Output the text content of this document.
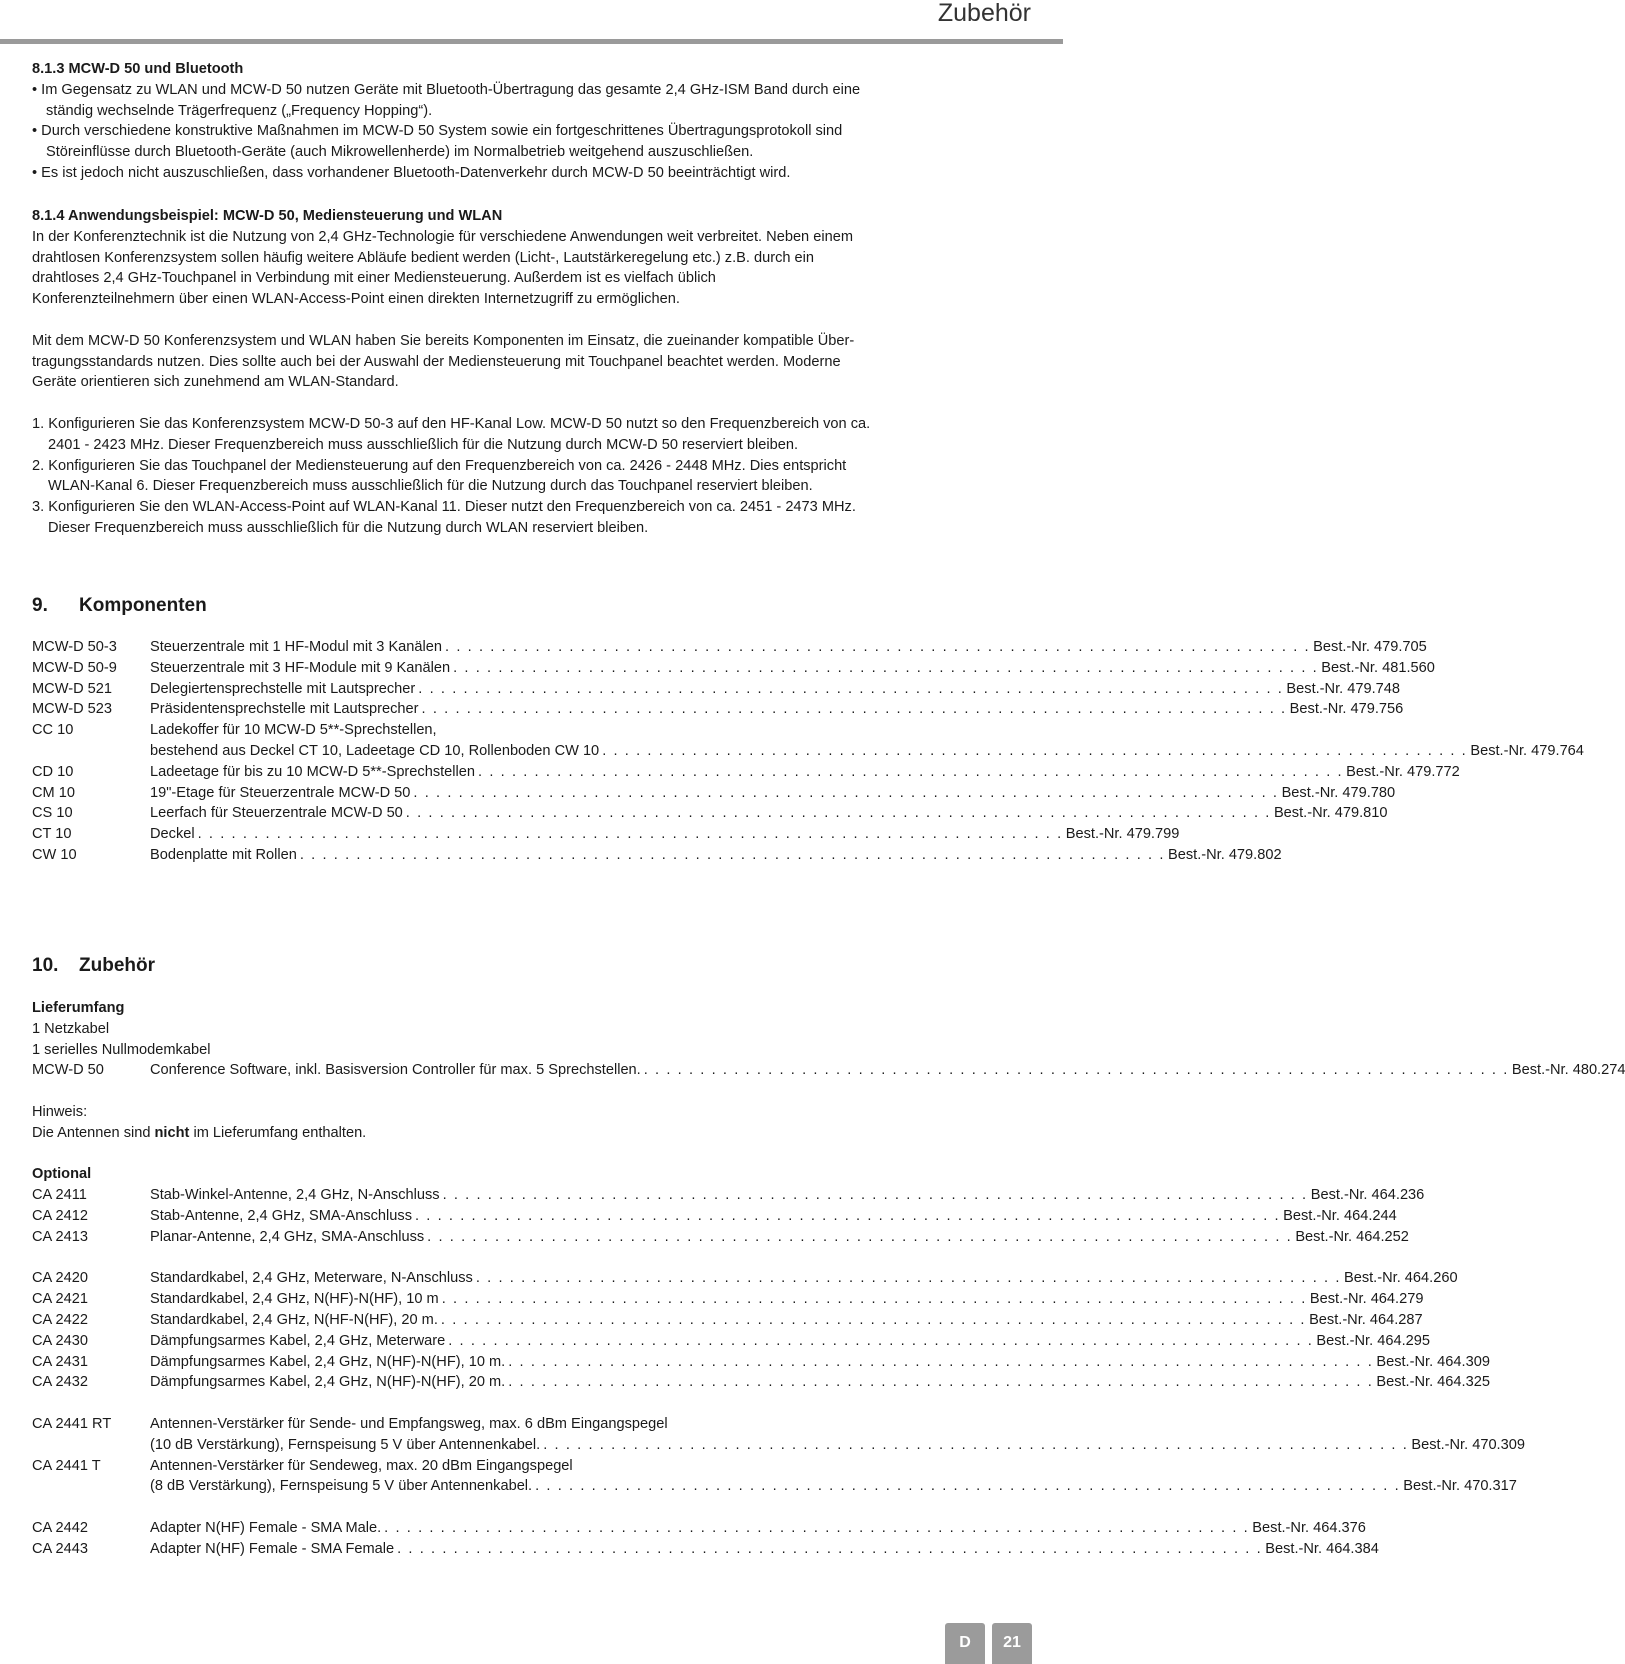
Zubehör
8.1.3 MCW-D 50 und Bluetooth
• Im Gegensatz zu WLAN und MCW-D 50 nutzen Geräte mit Bluetooth-Übertragung das gesamte 2,4 GHz-ISM Band durch eine
ständig wechselnde Trägerfrequenz („Frequency Hopping“).
• Durch verschiedene konstruktive Maßnahmen im MCW-D 50 System sowie ein fortgeschrittenes Übertragungsprotokoll sind
Störeinflüsse durch Bluetooth-Geräte (auch Mikrowellenherde) im Normalbetrieb weitgehend auszuschließen.
• Es ist jedoch nicht auszuschließen, dass vorhandener Bluetooth-Datenverkehr durch MCW-D 50 beeinträchtigt wird.
8.1.4 Anwendungsbeispiel: MCW-D 50, Mediensteuerung und WLAN
In der Konferenztechnik ist die Nutzung von 2,4 GHz-Technologie für verschiedene Anwendungen weit verbreitet. Neben einem
drahtlosen Konferenzsystem sollen häufig weitere Abläufe bedient werden (Licht-, Lautstärkeregelung etc.) z.B. durch ein
drahtloses 2,4 GHz-Touchpanel in Verbindung mit einer Mediensteuerung. Außerdem ist es vielfach üblich
Konferenzteilnehmern über einen WLAN-Access-Point einen direkten Internetzugriff zu ermöglichen.
Mit dem MCW-D 50 Konferenzsystem und WLAN haben Sie bereits Komponenten im Einsatz, die zueinander kompatible Über-
tragungsstandards nutzen. Dies sollte auch bei der Auswahl der Mediensteuerung mit Touchpanel beachtet werden. Moderne
Geräte orientieren sich zunehmend am WLAN-Standard.
1. Konfigurieren Sie das Konferenzsystem MCW-D 50-3 auf den HF-Kanal Low. MCW-D 50 nutzt so den Frequenzbereich von ca.
2401 - 2423 MHz. Dieser Frequenzbereich muss ausschließlich für die Nutzung durch MCW-D 50 reserviert bleiben.
2. Konfigurieren Sie das Touchpanel der Mediensteuerung auf den Frequenzbereich von ca. 2426 - 2448 MHz. Dies entspricht
WLAN-Kanal 6. Dieser Frequenzbereich muss ausschließlich für die Nutzung durch das Touchpanel reserviert bleiben.
3. Konfigurieren Sie den WLAN-Access-Point auf WLAN-Kanal 11. Dieser nutzt den Frequenzbereich von ca. 2451 - 2473 MHz.
Dieser Frequenzbereich muss ausschließlich für die Nutzung durch WLAN reserviert bleiben.
9. Komponenten
MCW-D 50-3	Steuerzentrale mit 1 HF-Modul mit 3 Kanälen . . . . . . . . . . . . . . . . . . . . . . . . . . . . . . . . . . . . . . . . . . . . . . . . . . . . . . . . . . . . . . . . . . . . . . . . . . . . . Best.-Nr. 479.705
MCW-D 50-9	Steuerzentrale mit 3 HF-Module mit 9 Kanälen . . . . . . . . . . . . . . . . . . . . . . . . . . . . . . . . . . . . . . . . . . . . . . . . . . . . . . . . . . . . . . . . . . . . . . . . . . . . . Best.-Nr. 481.560
MCW-D 521	Delegiertensprechstelle mit Lautsprecher . . . . . . . . . . . . . . . . . . . . . . . . . . . . . . . . . . . . . . . . . . . . . . . . . . . . . . . . . . . . . . . . . . . . . . . . . . . . . Best.-Nr. 479.748
MCW-D 523	Präsidentensprechstelle mit Lautsprecher . . . . . . . . . . . . . . . . . . . . . . . . . . . . . . . . . . . . . . . . . . . . . . . . . . . . . . . . . . . . . . . . . . . . . . . . . . . . . Best.-Nr. 479.756
CC 10	Ladekoffer für 10 MCW-D 5**-Sprechstellen,
bestehend aus Deckel CT 10, Ladeetage CD 10, Rollenboden CW 10 . . . . . . . . . . . . . . . . . . . . . . . . . . . . . . . . . . . . . . . . . . . . . . . . . . . . . . . . . . . . . . . . . . . . . . . . . . . . . Best.-Nr. 479.764
CD 10	Ladeetage für bis zu 10 MCW-D 5**-Sprechstellen . . . . . . . . . . . . . . . . . . . . . . . . . . . . . . . . . . . . . . . . . . . . . . . . . . . . . . . . . . . . . . . . . . . . . . . . . . . . . Best.-Nr. 479.772
CM 10	19"-Etage für Steuerzentrale MCW-D 50 . . . . . . . . . . . . . . . . . . . . . . . . . . . . . . . . . . . . . . . . . . . . . . . . . . . . . . . . . . . . . . . . . . . . . . . . . . . . . Best.-Nr. 479.780
CS 10	Leerfach für Steuerzentrale MCW-D 50 . . . . . . . . . . . . . . . . . . . . . . . . . . . . . . . . . . . . . . . . . . . . . . . . . . . . . . . . . . . . . . . . . . . . . . . . . . . . . Best.-Nr. 479.810
CT 10	Deckel . . . . . . . . . . . . . . . . . . . . . . . . . . . . . . . . . . . . . . . . . . . . . . . . . . . . . . . . . . . . . . . . . . . . . . . . . . . . . Best.-Nr. 479.799
CW 10	Bodenplatte mit Rollen . . . . . . . . . . . . . . . . . . . . . . . . . . . . . . . . . . . . . . . . . . . . . . . . . . . . . . . . . . . . . . . . . . . . . . . . . . . . . Best.-Nr. 479.802
10. Zubehör
Lieferumfang
1 Netzkabel
1 serielles Nullmodemkabel
MCW-D 50	Conference Software, inkl. Basisversion Controller für max. 5 Sprechstellen. . . . . . . . . . . . . . . . . . . . . . . . . . . . . . . . . . . . . . . . . . . . . . . . . . . . . . . . . . . . . . . . . . . . . . . . . . . . . . Best.-Nr. 480.274
Hinweis:
Die Antennen sind nicht im Lieferumfang enthalten.
Optional
CA 2411	Stab-Winkel-Antenne, 2,4 GHz, N-Anschluss . . . . . . . . . . . . . . . . . . . . . . . . . . . . . . . . . . . . . . . . . . . . . . . . . . . . . . . . . . . . . . . . . . . . . . . . . . . . . Best.-Nr. 464.236
CA 2412	Stab-Antenne, 2,4 GHz, SMA-Anschluss . . . . . . . . . . . . . . . . . . . . . . . . . . . . . . . . . . . . . . . . . . . . . . . . . . . . . . . . . . . . . . . . . . . . . . . . . . . . . Best.-Nr. 464.244
CA 2413	Planar-Antenne, 2,4 GHz, SMA-Anschluss . . . . . . . . . . . . . . . . . . . . . . . . . . . . . . . . . . . . . . . . . . . . . . . . . . . . . . . . . . . . . . . . . . . . . . . . . . . . . Best.-Nr. 464.252
CA 2420	Standardkabel, 2,4 GHz, Meterware, N-Anschluss . . . . . . . . . . . . . . . . . . . . . . . . . . . . . . . . . . . . . . . . . . . . . . . . . . . . . . . . . . . . . . . . . . . . . . . . . . . . . Best.-Nr. 464.260
CA 2421	Standardkabel, 2,4 GHz, N(HF)-N(HF), 10 m . . . . . . . . . . . . . . . . . . . . . . . . . . . . . . . . . . . . . . . . . . . . . . . . . . . . . . . . . . . . . . . . . . . . . . . . . . . . . Best.-Nr. 464.279
CA 2422	Standardkabel, 2,4 GHz, N(HF-N(HF), 20 m. . . . . . . . . . . . . . . . . . . . . . . . . . . . . . . . . . . . . . . . . . . . . . . . . . . . . . . . . . . . . . . . . . . . . . . . . . . . . . Best.-Nr. 464.287
CA 2430	Dämpfungsarmes Kabel, 2,4 GHz, Meterware . . . . . . . . . . . . . . . . . . . . . . . . . . . . . . . . . . . . . . . . . . . . . . . . . . . . . . . . . . . . . . . . . . . . . . . . . . . . . Best.-Nr. 464.295
CA 2431	Dämpfungsarmes Kabel, 2,4 GHz, N(HF)-N(HF), 10 m. . . . . . . . . . . . . . . . . . . . . . . . . . . . . . . . . . . . . . . . . . . . . . . . . . . . . . . . . . . . . . . . . . . . . . . . . . . . . . Best.-Nr. 464.309
CA 2432	Dämpfungsarmes Kabel, 2,4 GHz, N(HF)-N(HF), 20 m. . . . . . . . . . . . . . . . . . . . . . . . . . . . . . . . . . . . . . . . . . . . . . . . . . . . . . . . . . . . . . . . . . . . . . . . . . . . . . Best.-Nr. 464.325
CA 2441 RT	Antennen-Verstärker für Sende- und Empfangsweg, max. 6 dBm Eingangspegel
(10 dB Verstärkung), Fernspeisung 5 V über Antennenkabel. . . . . . . . . . . . . . . . . . . . . . . . . . . . . . . . . . . . . . . . . . . . . . . . . . . . . . . . . . . . . . . . . . . . . . . . . . . . . . Best.-Nr. 470.309
CA 2441 T	Antennen-Verstärker für Sendeweg, max. 20 dBm Eingangspegel
(8 dB Verstärkung), Fernspeisung 5 V über Antennenkabel. . . . . . . . . . . . . . . . . . . . . . . . . . . . . . . . . . . . . . . . . . . . . . . . . . . . . . . . . . . . . . . . . . . . . . . . . . . . . . Best.-Nr. 470.317
CA 2442	Adapter N(HF) Female - SMA Male. . . . . . . . . . . . . . . . . . . . . . . . . . . . . . . . . . . . . . . . . . . . . . . . . . . . . . . . . . . . . . . . . . . . . . . . . . . . . . Best.-Nr. 464.376
CA 2443	Adapter N(HF) Female - SMA Female . . . . . . . . . . . . . . . . . . . . . . . . . . . . . . . . . . . . . . . . . . . . . . . . . . . . . . . . . . . . . . . . . . . . . . . . . . . . . Best.-Nr. 464.384
D	21
